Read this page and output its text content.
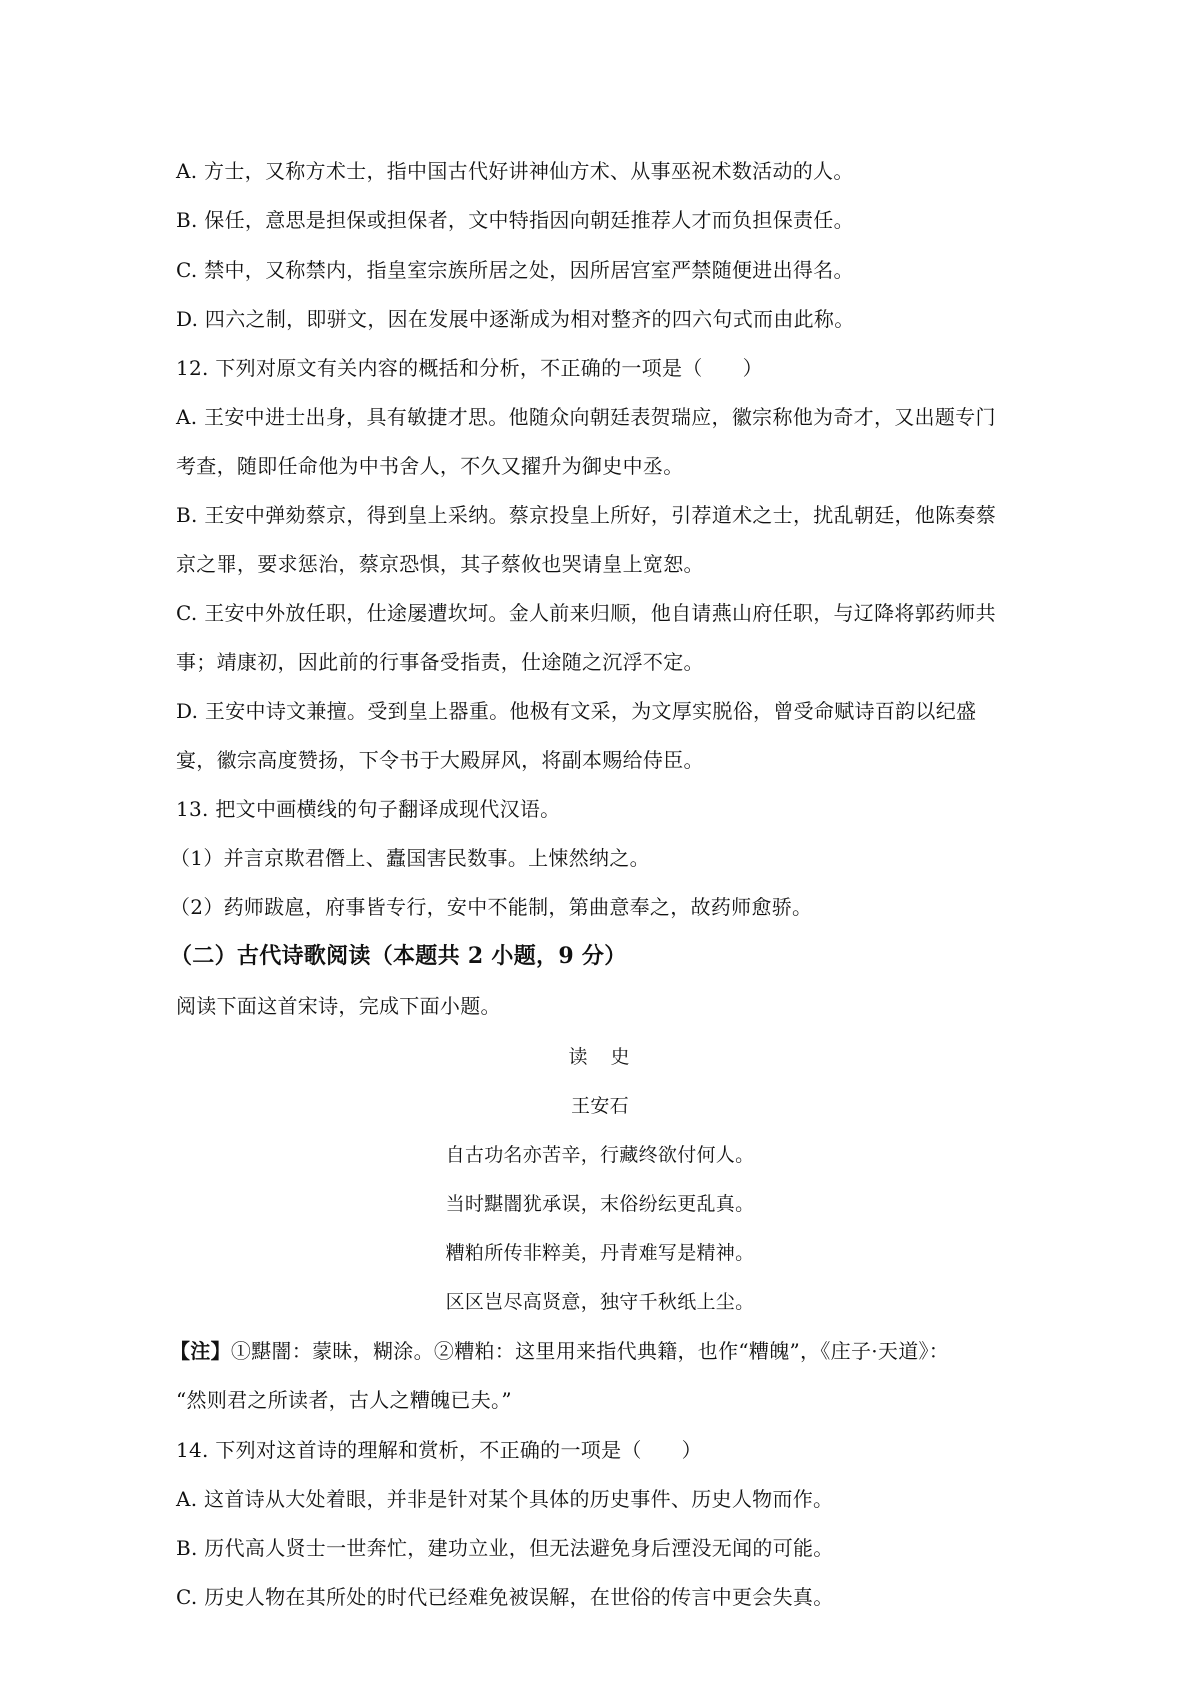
A. 方士，又称方术士，指中国古代好讲神仙方术、从事巫祝术数活动的人。
B. 保任，意思是担保或担保者，文中特指因向朝廷推荐人才而负担保责任。
C. 禁中，又称禁内，指皇室宗族所居之处，因所居宫室严禁随便进出得名。
D. 四六之制，即骈文，因在发展中逐渐成为相对整齐的四六句式而由此称。
12. 下列对原文有关内容的概括和分析，不正确的一项是（ ）
A. 王安中进士出身，具有敏捷才思。他随众向朝廷表贺瑞应，徽宗称他为奇才，又出题专门
考查，随即任命他为中书舍人，不久又擢升为御史中丞。
B. 王安中弹劾蔡京，得到皇上采纳。蔡京投皇上所好，引荐道术之士，扰乱朝廷，他陈奏蔡
京之罪，要求惩治，蔡京恐惧，其子蔡攸也哭请皇上宽恕。
C. 王安中外放任职，仕途屡遭坎坷。金人前来归顺，他自请燕山府任职，与辽降将郭药师共
事；靖康初，因此前的行事备受指责，仕途随之沉浮不定。
D. 王安中诗文兼擅。受到皇上器重。他极有文采，为文厚实脱俗，曾受命赋诗百韵以纪盛
宴，徽宗高度赞扬，下令书于大殿屏风，将副本赐给侍臣。
13. 把文中画横线的句子翻译成现代汉语。
（1）并言京欺君僭上、蠹国害民数事。上悚然纳之。
（2）药师跋扈，府事皆专行，安中不能制，第曲意奉之，故药师愈骄。
（二）古代诗歌阅读（本题共 2 小题，9 分）
阅读下面这首宋诗，完成下面小题。
读　史
王安石
自古功名亦苦辛，行藏终欲付何人。
当时黮闇犹承误，末俗纷纭更乱真。
糟粕所传非粹美，丹青难写是精神。
区区岂尽高贤意，独守千秋纸上尘。
【注】①黮闇：蒙昧，糊涂。②糟粕：这里用来指代典籍，也作“糟魄”，《庄子·天道》：
“然则君之所读者，古人之糟魄已夫。”
14. 下列对这首诗的理解和赏析，不正确的一项是（ ）
A. 这首诗从大处着眼，并非是针对某个具体的历史事件、历史人物而作。
B. 历代高人贤士一世奔忙，建功立业，但无法避免身后湮没无闻的可能。
C. 历史人物在其所处的时代已经难免被误解，在世俗的传言中更会失真。
